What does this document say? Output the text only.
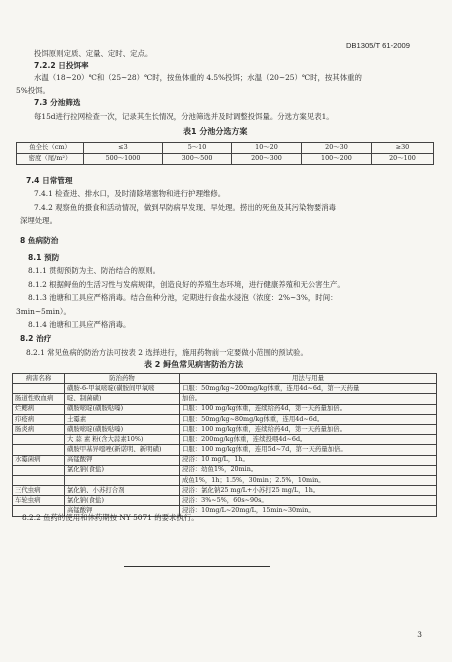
DB1305/T 61-2009
投饵原则定质、定量、定时、定点。
7.2.2 日投饵率
水温（18~20）℃和（25~28）℃时，按鱼体重的 4.5%投饵；水温（20~25）℃时，按其体重的
5%投饵。
7.3 分池筛选
每15d进行拉网检查一次，记录其生长情况，分池筛选并及时调整投饵量。分选方案见表1。
表1 分池分选方案
鱼全长（cm）	≤3	5～10	10～20	20～30	≥30
密度（尾/m²）	500～1000	300～500	200～300	100～200	20～100
7.4 日常管理
7.4.1 检查进、排水口，及时清除堵塞物和进行护理维修。
7.4.2 观察鱼的摄食和活动情况，做到早防病早发现、早处理。捞出的死鱼及其污染物要消毒
深埋处理。
8 鱼病防治
8.1 预防
8.1.1 贯彻预防为主、防治结合的原则。
8.1.2 根据鲟鱼的生活习性与发病规律，创造良好的养殖生态环境，进行健康养殖和无公害生产。
8.1.3 池塘和工具应严格消毒。结合鱼种分池，定期进行食盐水浸泡（浓度：2%~3%，时间：
3min~5min）。
8.1.4 池塘和工具应严格消毒。
8.2 治疗
8.2.1 常见鱼病的防治方法可按表 2 选择进行，施用药物前一定要做小范围的预试验。
表 2 鲟鱼常见病害防治方法
病害名称	防治药物	用法与用量
	磺胺-6-甲氧嘧啶(磺胺间甲氧嘧	口服：50mg/kg~200mg/kg体重，连用4d~6d，第一天药量
肠道性败血病	啶、制菌磺)	加倍。
烂鳃病	磺胺嘧啶(磺胺哒嗪)	口服：100 mg/kg体重，连续给药4d，第一天药量加倍。
疖疮病	土霉素	口服：50mg/kg~80mg/kg体重，连用4d~6d。
肠炎病	磺胺嘧啶(磺胺哒嗪)	口服：100 mg/kg体重，连续给药4d，第一天药量加倍。
	大 蒜 素 粉(含大蒜素10%)	口服：200mg/kg体重，连续投喂4d~6d。
	磺胺甲基异噁唑(新诺明、新明磺)	口服：100 mg/kg体重，连用5d~7d，第一天药量加倍。
水霉菌病	高锰酸钾	浸浴：10 mg/L，1h。
	氯化钠(食盐)	浸浴：幼鱼1%，20min。
		成鱼1%，1h；1.5%，30min；2.5%，10min。
三代虫病	氯化钠、小苏打合剂	浸浴：氯化钠25 mg/L+小苏打25 mg/L，1h。
车轮虫病	氯化钠(食盐)	浸浴：3%~5%，60s~90s。
	高锰酸钾	浸浴：10mg/L~20mg/L，15min~30min。
8.2.2 鱼药的使用和休药期按 NY 5071 的要求执行。
3
